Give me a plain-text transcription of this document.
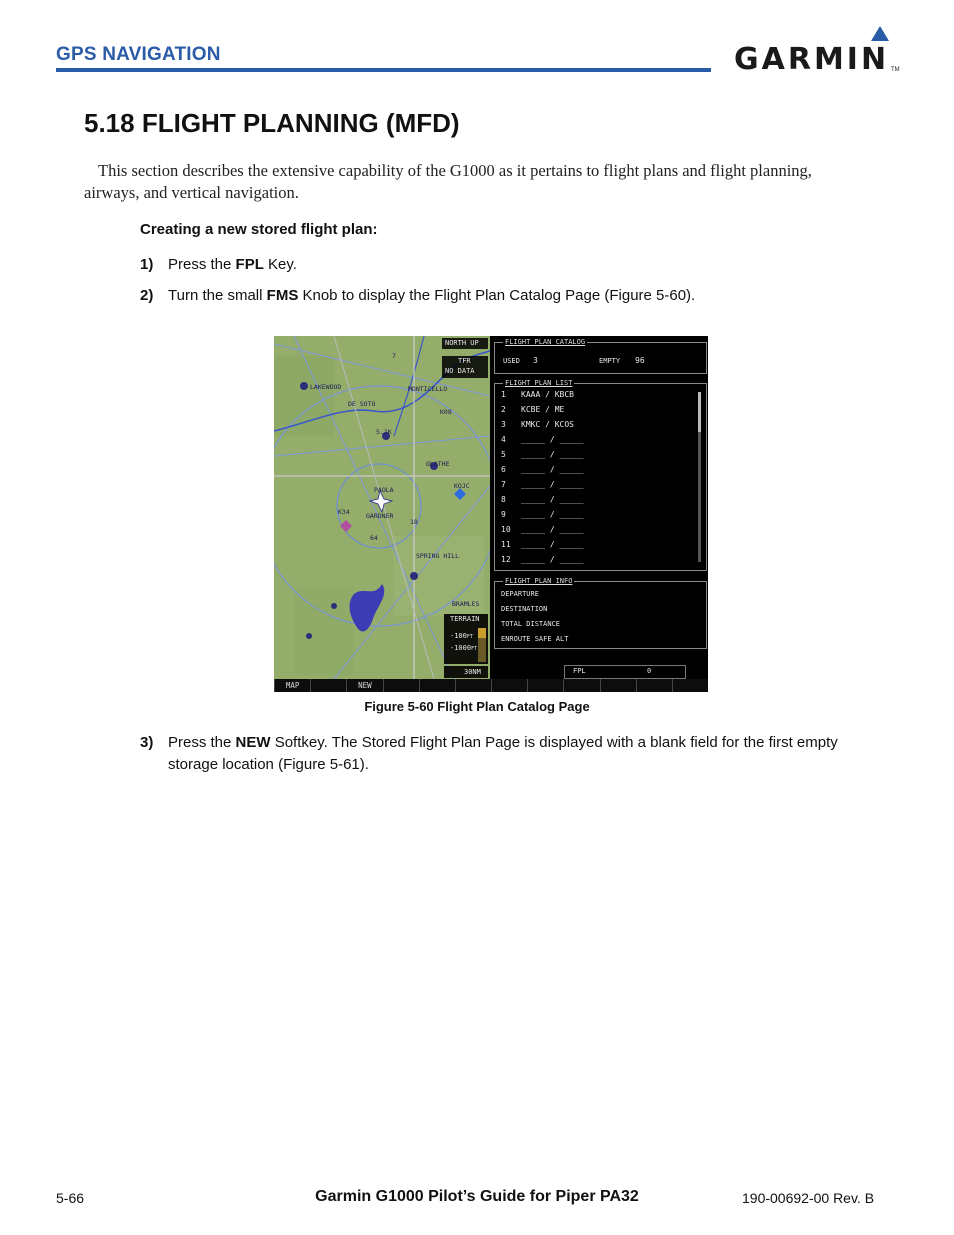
GPS NAVIGATION	GARMIN TM
5.18 FLIGHT PLANNING (MFD)
This section describes the extensive capability of the G1000 as it pertains to flight plans and flight planning, airways, and vertical navigation.
Creating a new stored flight plan:
1) Press the FPL Key.
2) Turn the small FMS Knob to display the Flight Plan Catalog Page (Figure 5-60).
NORTH UP
TFR
NO DATA
TERRAIN
-100FT
-1000FT
30NM
LAKEWOOD
DE SOTO
MONTICELLO
5.1K
K08
OLATHE
KOJC
K34	GARDNER
SPRING HILL
PAOLA
BRAMLES
64
7
18
FLIGHT PLAN CATALOG
USED 3	EMPTY 96
FLIGHT PLAN LIST
1 KAAA / KBCB
2 KCBE / ME
3 KMKC / KCOS
4 _____ / _____
5 _____ / _____
6 _____ / _____
7 _____ / _____
8 _____ / _____
9 _____ / _____
10 _____ / _____
11 _____ / _____
12 _____ / _____
FLIGHT PLAN INFO
DEPARTURE
DESTINATION
TOTAL DISTANCE
ENROUTE SAFE ALT
FPL	0
MAP	NEW
Figure 5-60 Flight Plan Catalog Page
3) Press the NEW Softkey. The Stored Flight Plan Page is displayed with a blank field for the first empty storage location (Figure 5-61).
5-66	Garmin G1000 Pilot’s Guide for Piper PA32	190-00692-00 Rev. B
